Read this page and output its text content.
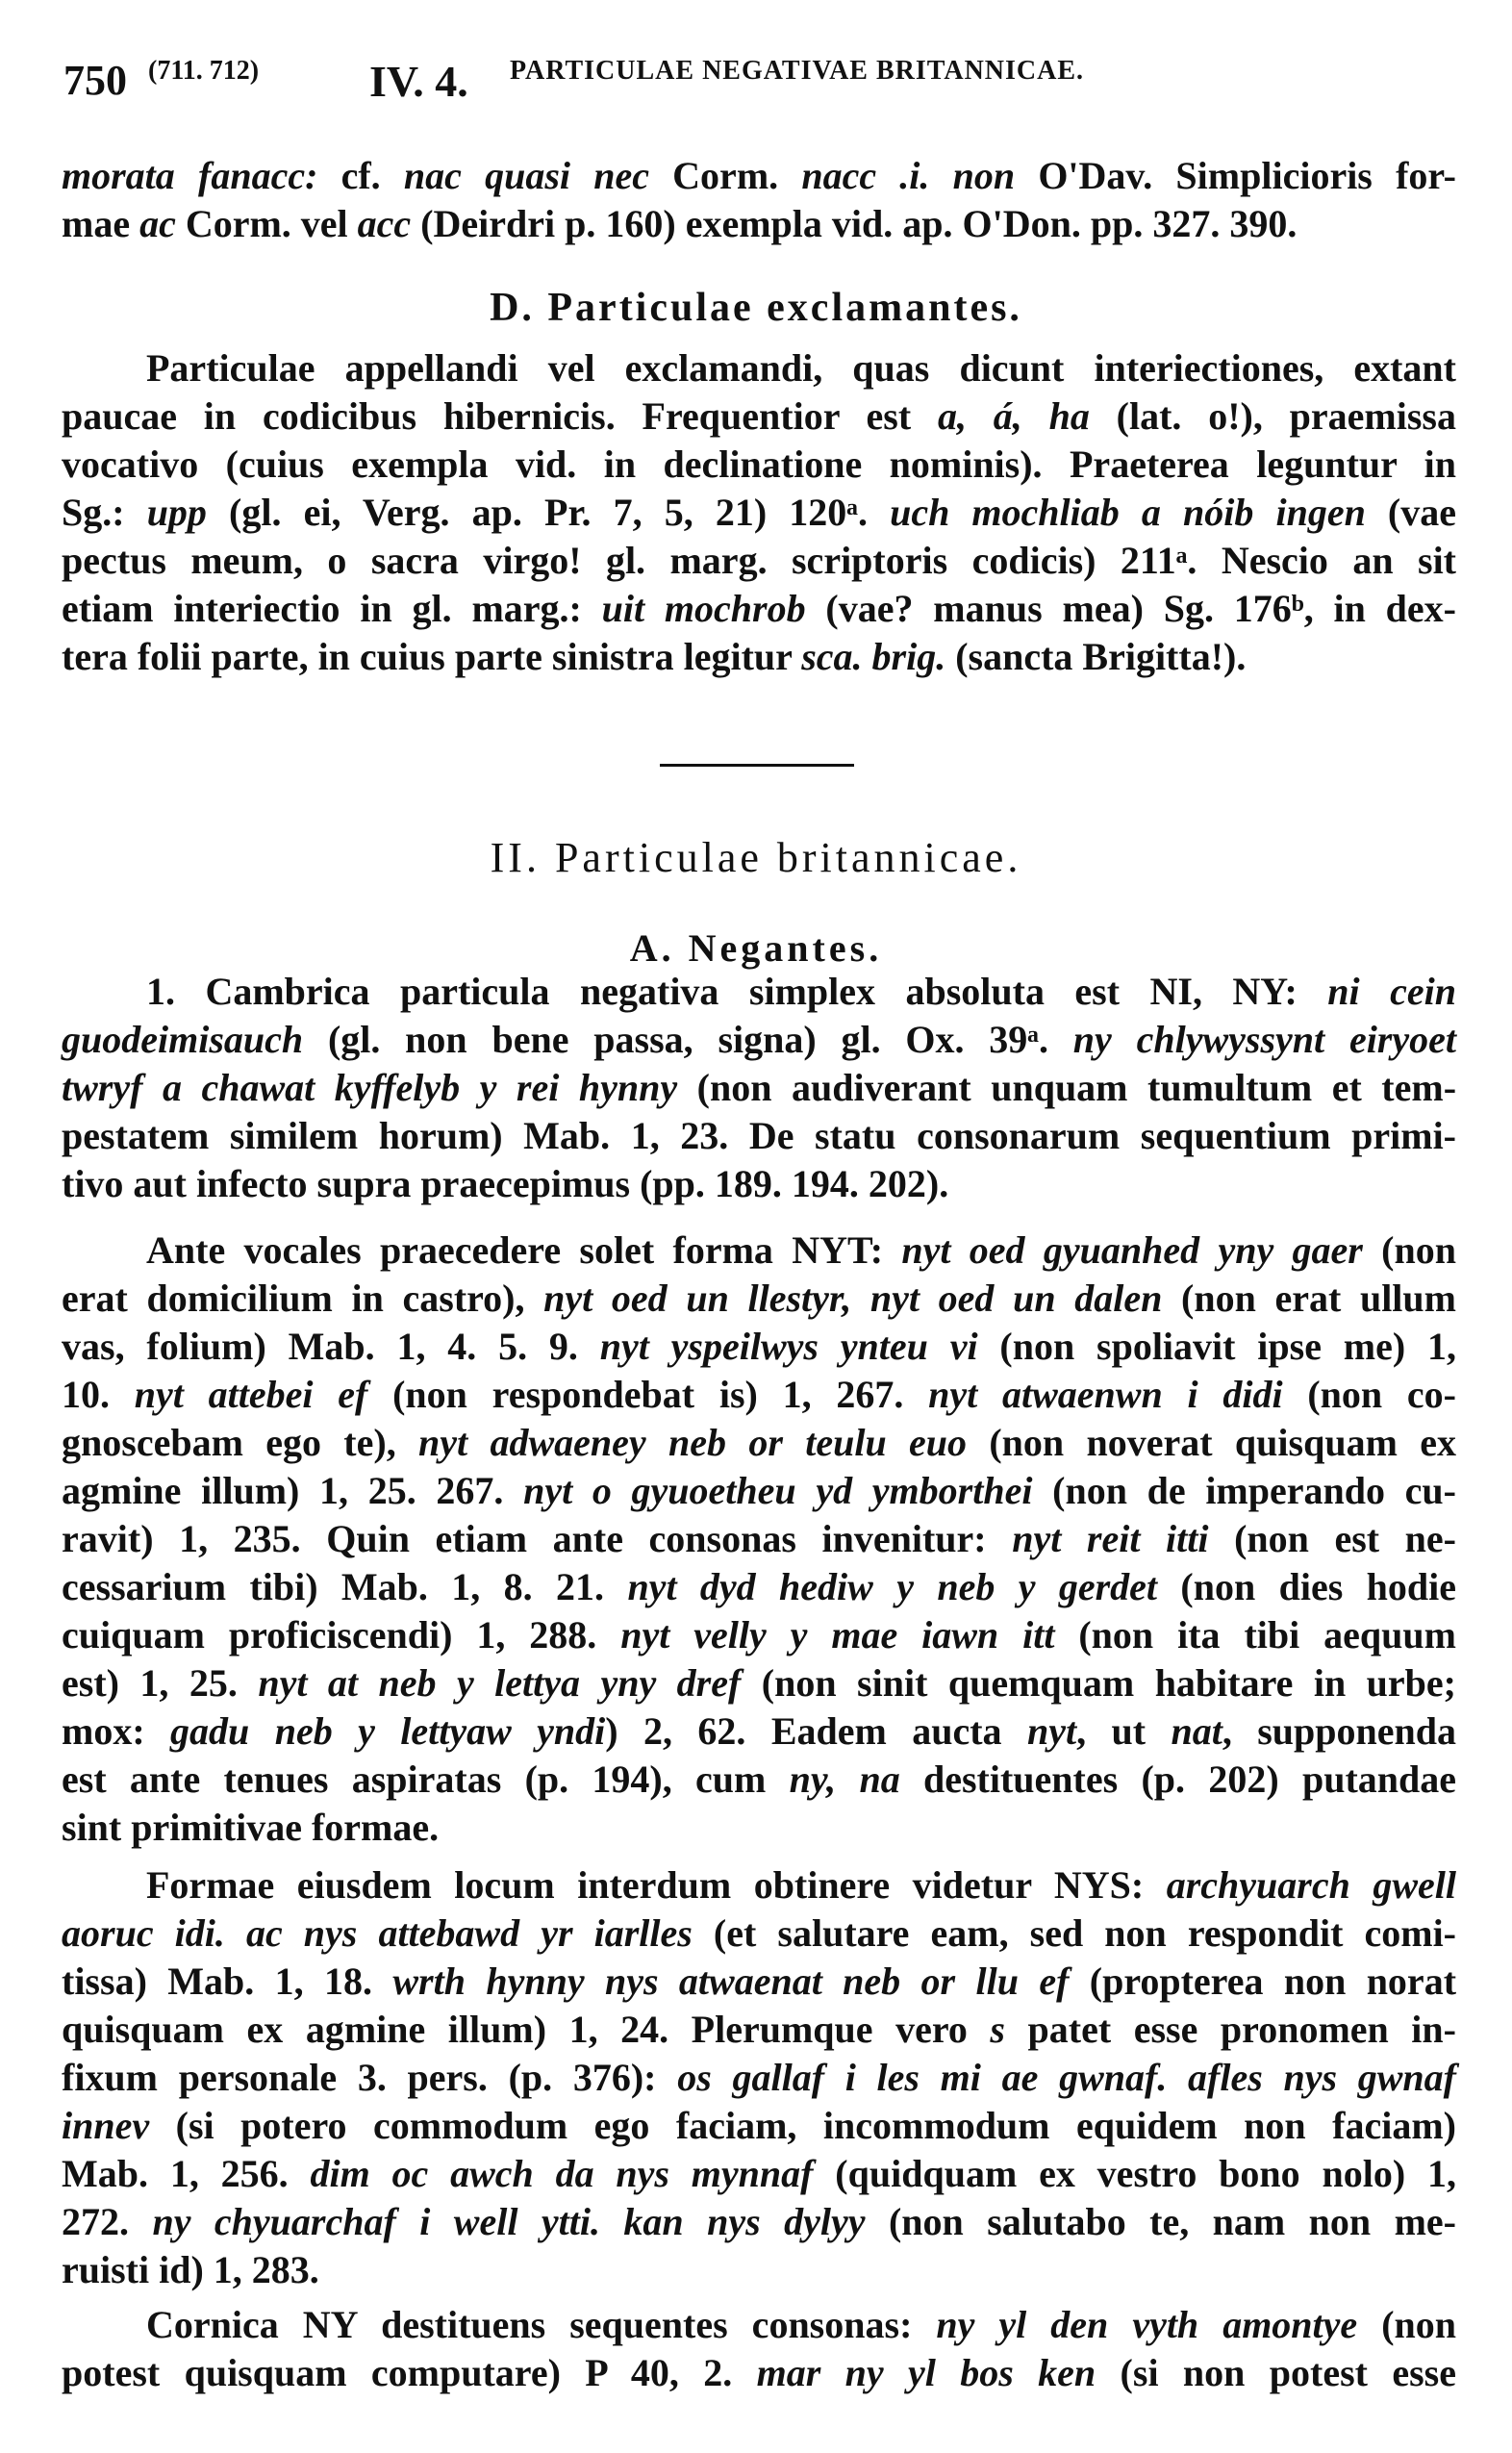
750 (711. 712) IV. 4. PARTICULAE NEGATIVAE BRITANNICAE.
morata fanacc: cf. nac quasi nec Corm. nacc .i. non O'Dav. Simplicioris for-
mae ac Corm. vel acc (Deirdri p. 160) exempla vid. ap. O'Don. pp. 327. 390.
D. Particulae exclamantes.
Particulae appellandi vel exclamandi, quas dicunt interiectiones, extant
paucae in codicibus hibernicis. Frequentior est a, á, ha (lat. o!), praemissa
vocativo (cuius exempla vid. in declinatione nominis). Praeterea leguntur in
Sg.: upp (gl. ei, Verg. ap. Pr. 7, 5, 21) 120ᵃ. uch mochliab a nóib ingen (vae
pectus meum, o sacra virgo! gl. marg. scriptoris codicis) 211ᵃ. Nescio an sit
etiam interiectio in gl. marg.: uit mochrob (vae? manus mea) Sg. 176ᵇ, in dex-
tera folii parte, in cuius parte sinistra legitur sca. brig. (sancta Brigitta!).
II. Particulae britannicae.
A. Negantes.
1. Cambrica particula negativa simplex absoluta est NI, NY: ni cein
guodeimisauch (gl. non bene passa, signa) gl. Ox. 39ᵃ. ny chlywyssynt eiryoet
twryf a chawat kyffelyb y rei hynny (non audiverant unquam tumultum et tem-
pestatem similem horum) Mab. 1, 23. De statu consonarum sequentium primi-
tivo aut infecto supra praecepimus (pp. 189. 194. 202).
Ante vocales praecedere solet forma NYT: nyt oed gyuanhed yny gaer (non
erat domicilium in castro), nyt oed un llestyr, nyt oed un dalen (non erat ullum
vas, folium) Mab. 1, 4. 5. 9. nyt yspeilwys ynteu vi (non spoliavit ipse me) 1,
10. nyt attebei ef (non respondebat is) 1, 267. nyt atwaenwn i didi (non co-
gnoscebam ego te), nyt adwaeney neb or teulu euo (non noverat quisquam ex
agmine illum) 1, 25. 267. nyt o gyuoetheu yd ymborthei (non de imperando cu-
ravit) 1, 235. Quin etiam ante consonas invenitur: nyt reit itti (non est ne-
cessarium tibi) Mab. 1, 8. 21. nyt dyd hediw y neb y gerdet (non dies hodie
cuiquam proficiscendi) 1, 288. nyt velly y mae iawn itt (non ita tibi aequum
est) 1, 25. nyt at neb y lettya yny dref (non sinit quemquam habitare in urbe;
mox: gadu neb y lettyaw yndi) 2, 62. Eadem aucta nyt, ut nat, supponenda
est ante tenues aspiratas (p. 194), cum ny, na destituentes (p. 202) putandae
sint primitivae formae.
Formae eiusdem locum interdum obtinere videtur NYS: archyuarch gwell
aoruc idi. ac nys attebawd yr iarlles (et salutare eam, sed non respondit comi-
tissa) Mab. 1, 18. wrth hynny nys atwaenat neb or llu ef (propterea non norat
quisquam ex agmine illum) 1, 24. Plerumque vero s patet esse pronomen in-
fixum personale 3. pers. (p. 376): os gallaf i les mi ae gwnaf. afles nys gwnaf
innev (si potero commodum ego faciam, incommodum equidem non faciam)
Mab. 1, 256. dim oc awch da nys mynnaf (quidquam ex vestro bono nolo) 1,
272. ny chyuarchaf i well ytti. kan nys dylyy (non salutabo te, nam non me-
ruisti id) 1, 283.
Cornica NY destituens sequentes consonas: ny yl den vyth amontye (non
potest quisquam computare) P 40, 2. mar ny yl bos ken (si non potest esse
